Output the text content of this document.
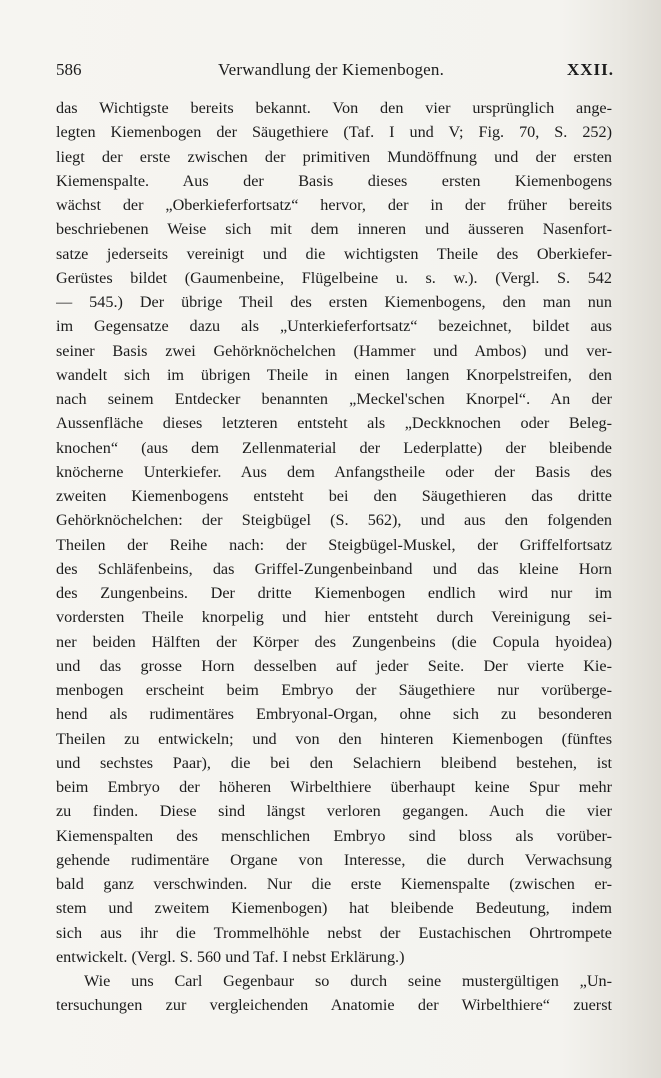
586	Verwandlung der Kiemenbogen.	XXII.
das Wichtigste bereits bekannt. Von den vier ursprünglich ange-
legten Kiemenbogen der Säugethiere (Taf. I und V; Fig. 70, S. 252)
liegt der erste zwischen der primitiven Mundöffnung und der ersten
Kiemenspalte. Aus der Basis dieses ersten Kiemenbogens
wächst der „Oberkieferfortsatz“ hervor, der in der früher bereits
beschriebenen Weise sich mit dem inneren und äusseren Nasenfort-
satze jederseits vereinigt und die wichtigsten Theile des Oberkiefer-
Gerüstes bildet (Gaumenbeine, Flügelbeine u. s. w.). (Vergl. S. 542
— 545.) Der übrige Theil des ersten Kiemenbogens, den man nun
im Gegensatze dazu als „Unterkieferfortsatz“ bezeichnet, bildet aus
seiner Basis zwei Gehörknöchelchen (Hammer und Ambos) und ver-
wandelt sich im übrigen Theile in einen langen Knorpelstreifen, den
nach seinem Entdecker benannten „Meckel'schen Knorpel“. An der
Aussenfläche dieses letzteren entsteht als „Deckknochen oder Beleg-
knochen“ (aus dem Zellenmaterial der Lederplatte) der bleibende
knöcherne Unterkiefer. Aus dem Anfangstheile oder der Basis des
zweiten Kiemenbogens entsteht bei den Säugethieren das dritte
Gehörknöchelchen: der Steigbügel (S. 562), und aus den folgenden
Theilen der Reihe nach: der Steigbügel-Muskel, der Griffelfortsatz
des Schläfenbeins, das Griffel-Zungenbeinband und das kleine Horn
des Zungenbeins. Der dritte Kiemenbogen endlich wird nur im
vordersten Theile knorpelig und hier entsteht durch Vereinigung sei-
ner beiden Hälften der Körper des Zungenbeins (die Copula hyoidea)
und das grosse Horn desselben auf jeder Seite. Der vierte Kie-
menbogen erscheint beim Embryo der Säugethiere nur vorüberge-
hend als rudimentäres Embryonal-Organ, ohne sich zu besonderen
Theilen zu entwickeln; und von den hinteren Kiemenbogen (fünftes
und sechstes Paar), die bei den Selachiern bleibend bestehen, ist
beim Embryo der höheren Wirbelthiere überhaupt keine Spur mehr
zu finden. Diese sind längst verloren gegangen. Auch die vier
Kiemenspalten des menschlichen Embryo sind bloss als vorüber-
gehende rudimentäre Organe von Interesse, die durch Verwachsung
bald ganz verschwinden. Nur die erste Kiemenspalte (zwischen er-
stem und zweitem Kiemenbogen) hat bleibende Bedeutung, indem
sich aus ihr die Trommelhöhle nebst der Eustachischen Ohrtrompete
entwickelt. (Vergl. S. 560 und Taf. I nebst Erklärung.)
Wie uns Carl Gegenbaur so durch seine mustergültigen „Un-
tersuchungen zur vergleichenden Anatomie der Wirbelthiere“ zuerst
